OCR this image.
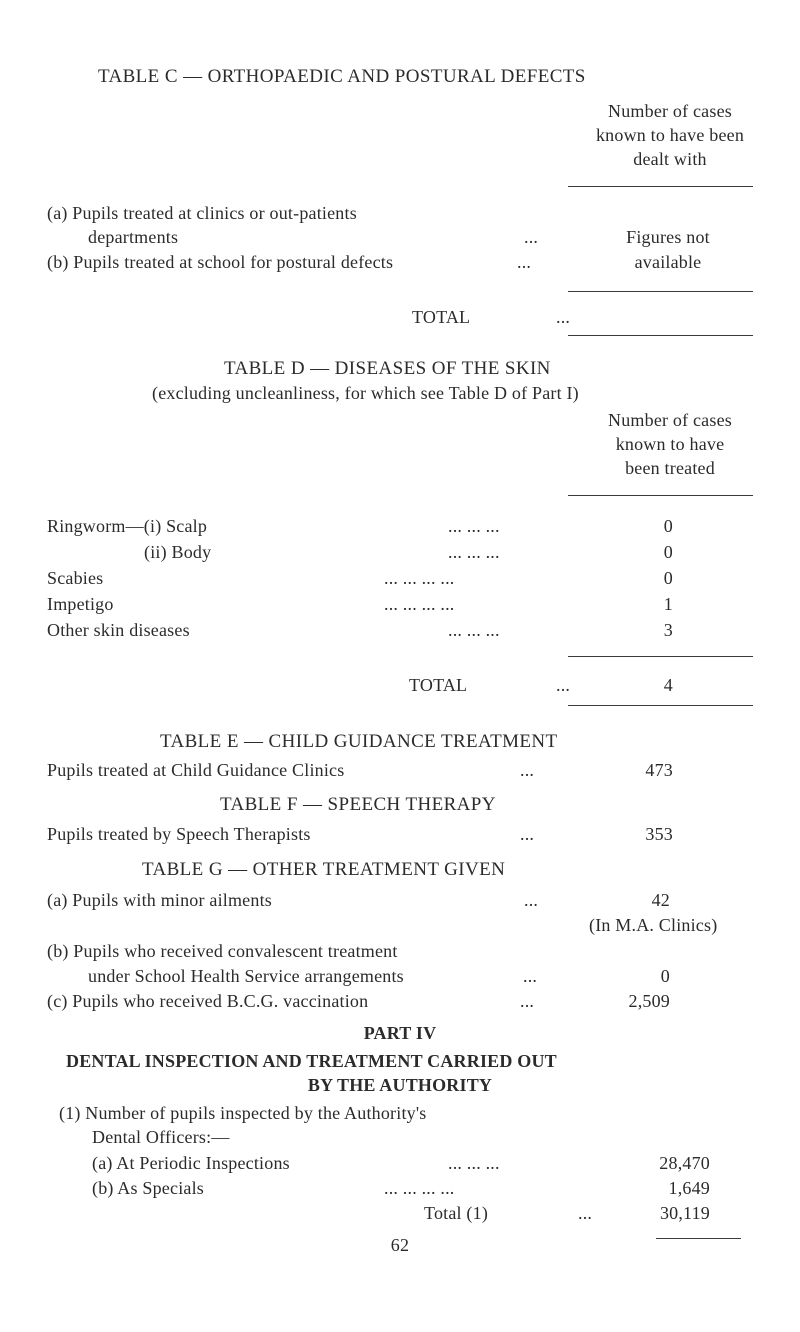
TABLE C — ORTHOPAEDIC AND POSTURAL DEFECTS
Number of cases
known to have been
dealt with
(a) Pupils treated at clinics or out-patients
departments	...	Figures not
(b) Pupils treated at school for postural defects	...	available
TOTAL	...
TABLE D — DISEASES OF THE SKIN
(excluding uncleanliness, for which see Table D of Part I)
Number of cases
known to have
been treated
Ringworm—(i) Scalp	... ... ...	0
(ii) Body	... ... ...	0
Scabies	... ... ... ...	0
Impetigo	... ... ... ...	1
Other skin diseases	... ... ...	3
TOTAL	...	4
TABLE E — CHILD GUIDANCE TREATMENT
Pupils treated at Child Guidance Clinics	...	473
TABLE F — SPEECH THERAPY
Pupils treated by Speech Therapists	...	353
TABLE G — OTHER TREATMENT GIVEN
(a) Pupils with minor ailments	...	42
(In M.A. Clinics)
(b) Pupils who received convalescent treatment
under School Health Service arrangements	...	0
(c) Pupils who received B.C.G. vaccination	...	2,509
PART IV
DENTAL INSPECTION AND TREATMENT CARRIED OUT
BY THE AUTHORITY
(1) Number of pupils inspected by the Authority's
Dental Officers:—
(a) At Periodic Inspections	... ... ...	28,470
(b) As Specials	... ... ... ...	1,649
Total (1)	...	30,119
62
